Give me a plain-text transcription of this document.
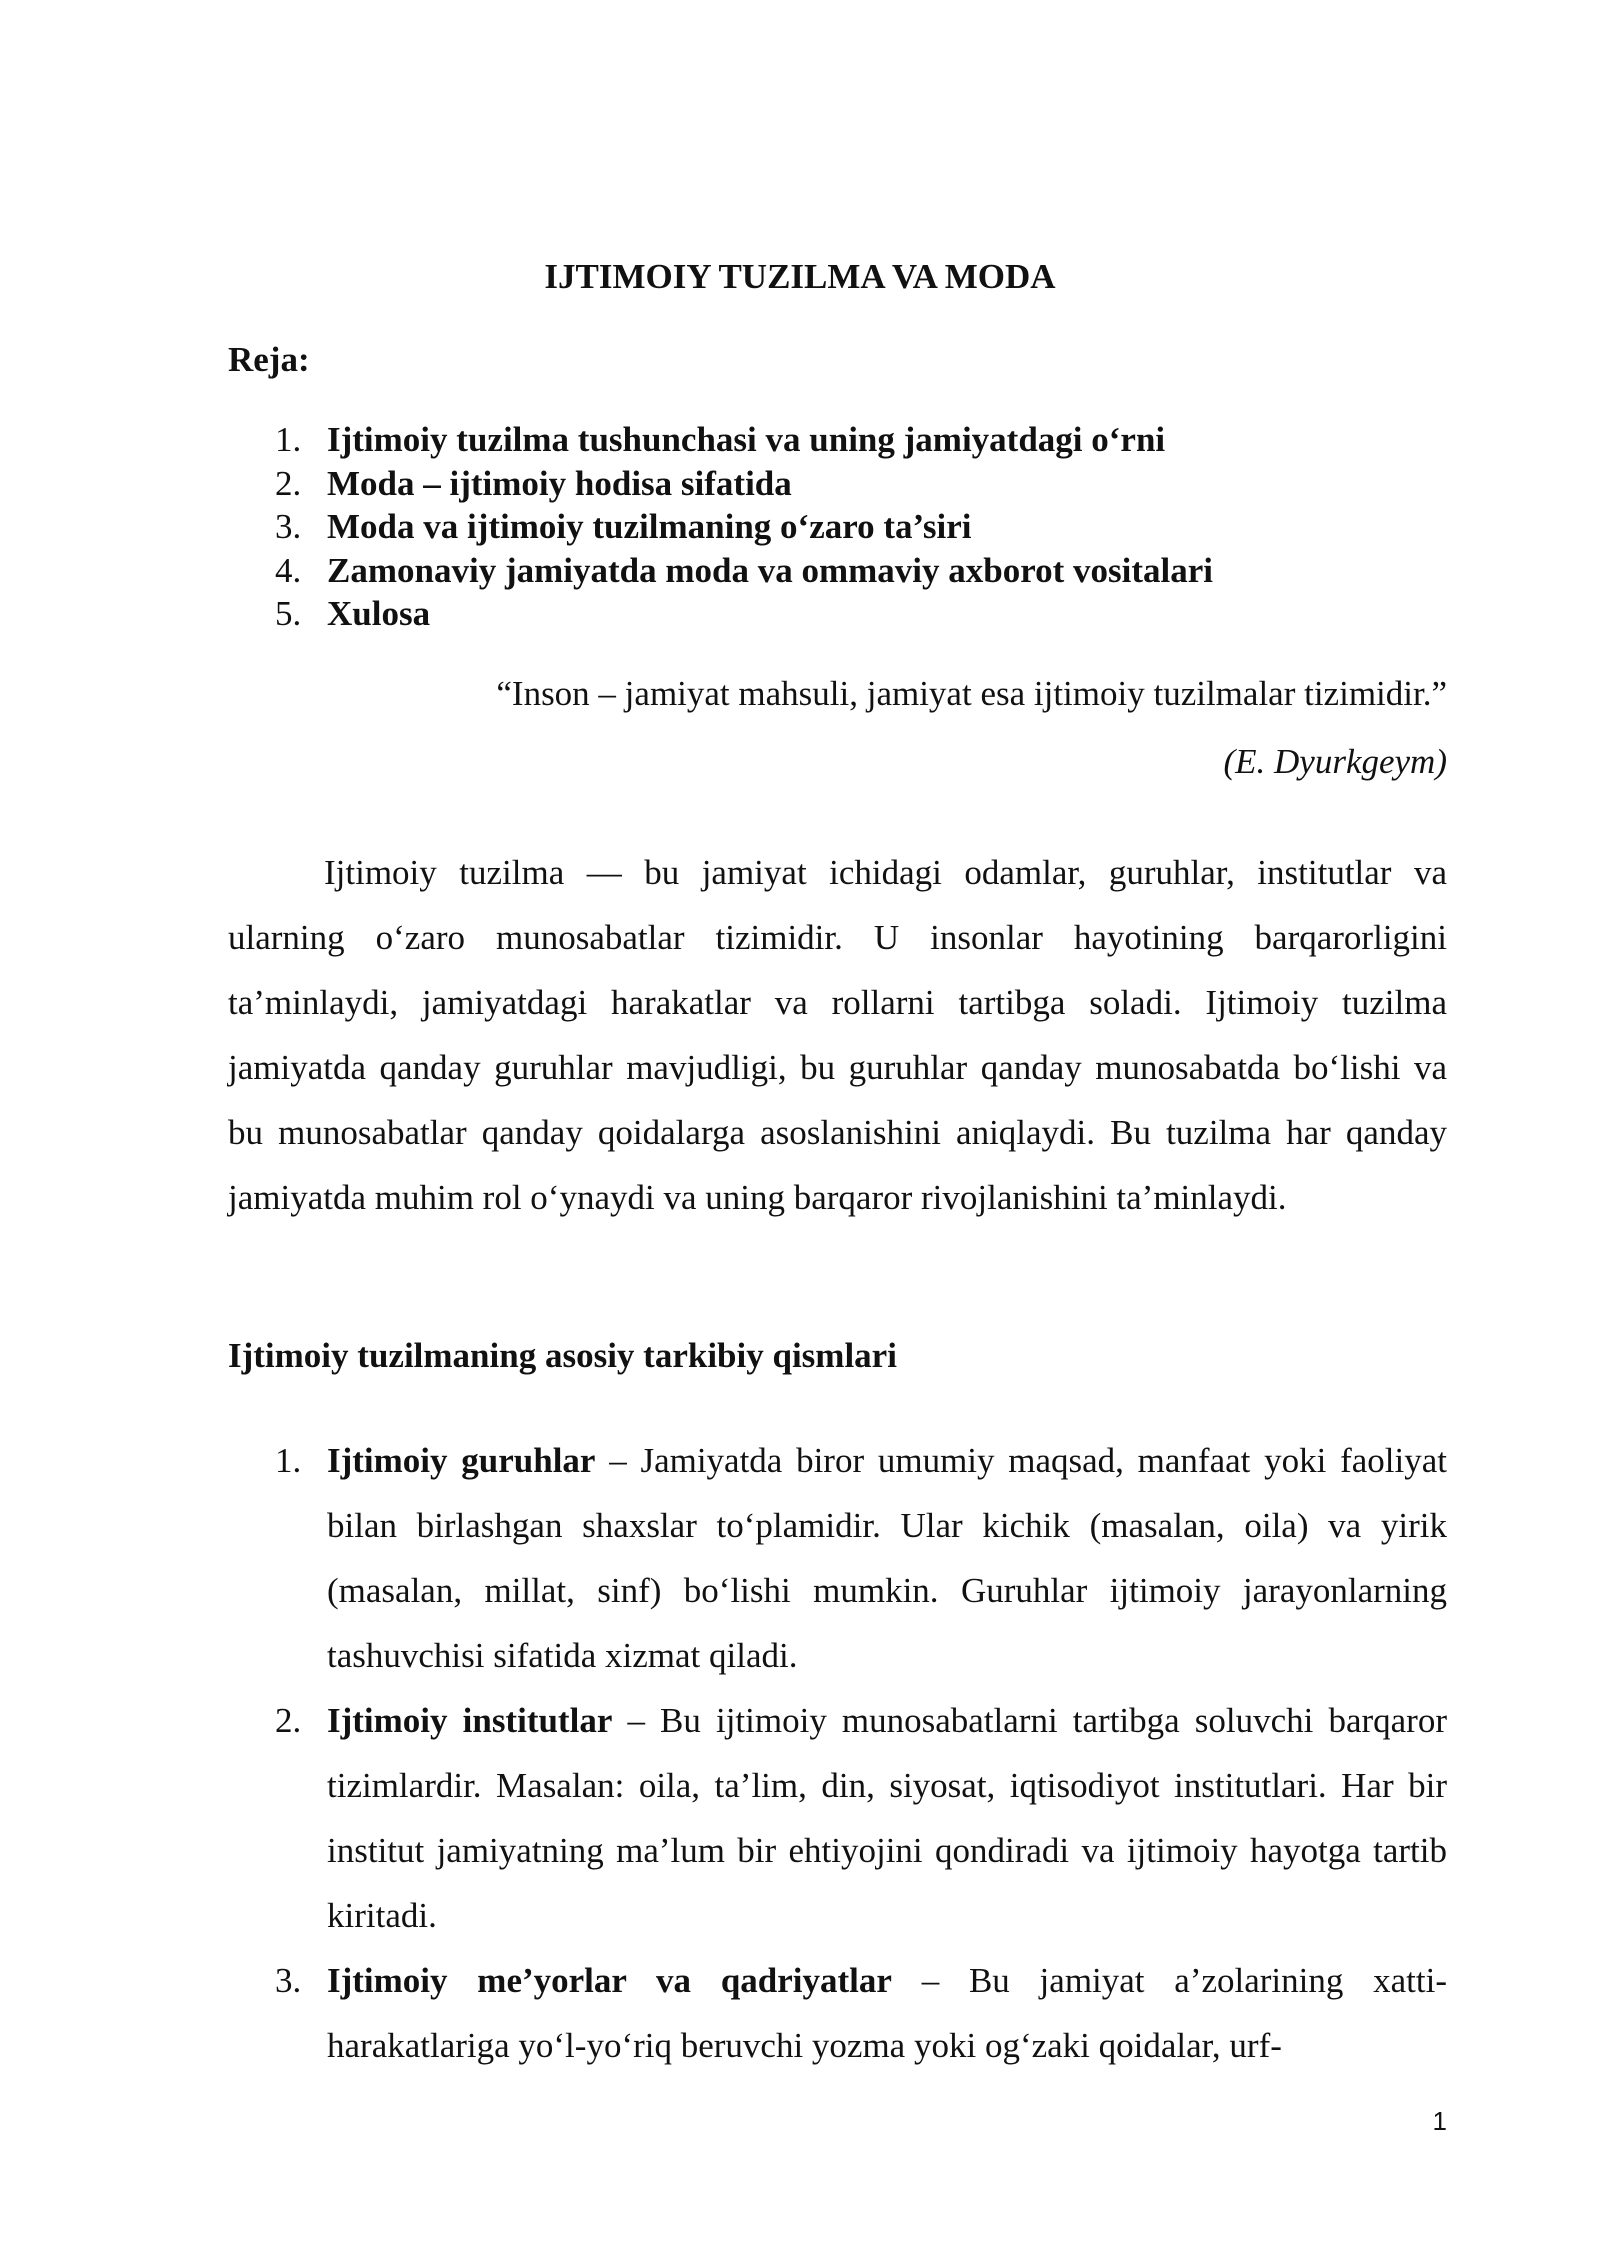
IJTIMOIY TUZILMA VA MODA
Reja:
1. Ijtimoiy tuzilma tushunchasi va uning jamiyatdagi o‘rni
2. Moda – ijtimoiy hodisa sifatida
3. Moda va ijtimoiy tuzilmaning o‘zaro ta’siri
4. Zamonaviy jamiyatda moda va ommaviy axborot vositalari
5. Xulosa
“Inson – jamiyat mahsuli, jamiyat esa ijtimoiy tuzilmalar tizimidir.”
(E. Dyurkgeym)

Ijtimoiy tuzilma — bu jamiyat ichidagi odamlar, guruhlar, institutlar va ularning o‘zaro munosabatlar tizimidir. U insonlar hayotining barqarorligini ta’minlaydi, jamiyatdagi harakatlar va rollarni tartibga soladi. Ijtimoiy tuzilma jamiyatda qanday guruhlar mavjudligi, bu guruhlar qanday munosabatda bo‘lishi va bu munosabatlar qanday qoidalarga asoslanishini aniqlaydi. Bu tuzilma har qanday jamiyatda muhim rol o‘ynaydi va uning barqaror rivojlanishini ta’minlaydi.

Ijtimoiy tuzilmaning asosiy tarkibiy qismlari
1. Ijtimoiy guruhlar – Jamiyatda biror umumiy maqsad, manfaat yoki faoliyat bilan birlashgan shaxslar to‘plamidir. Ular kichik (masalan, oila) va yirik (masalan, millat, sinf) bo‘lishi mumkin. Guruhlar ijtimoiy jarayonlarning tashuvchisi sifatida xizmat qiladi.
2. Ijtimoiy institutlar – Bu ijtimoiy munosabatlarni tartibga soluvchi barqaror tizimlardir. Masalan: oila, ta’lim, din, siyosat, iqtisodiyot institutlari. Har bir institut jamiyatning ma’lum bir ehtiyojini qondiradi va ijtimoiy hayotga tartib kiritadi.
3. Ijtimoiy me’yorlar va qadriyatlar – Bu jamiyat a’zolarining xatti-harakatlariga yo‘l-yo‘riq beruvchi yozma yoki og‘zaki qoidalar, urf-
1
